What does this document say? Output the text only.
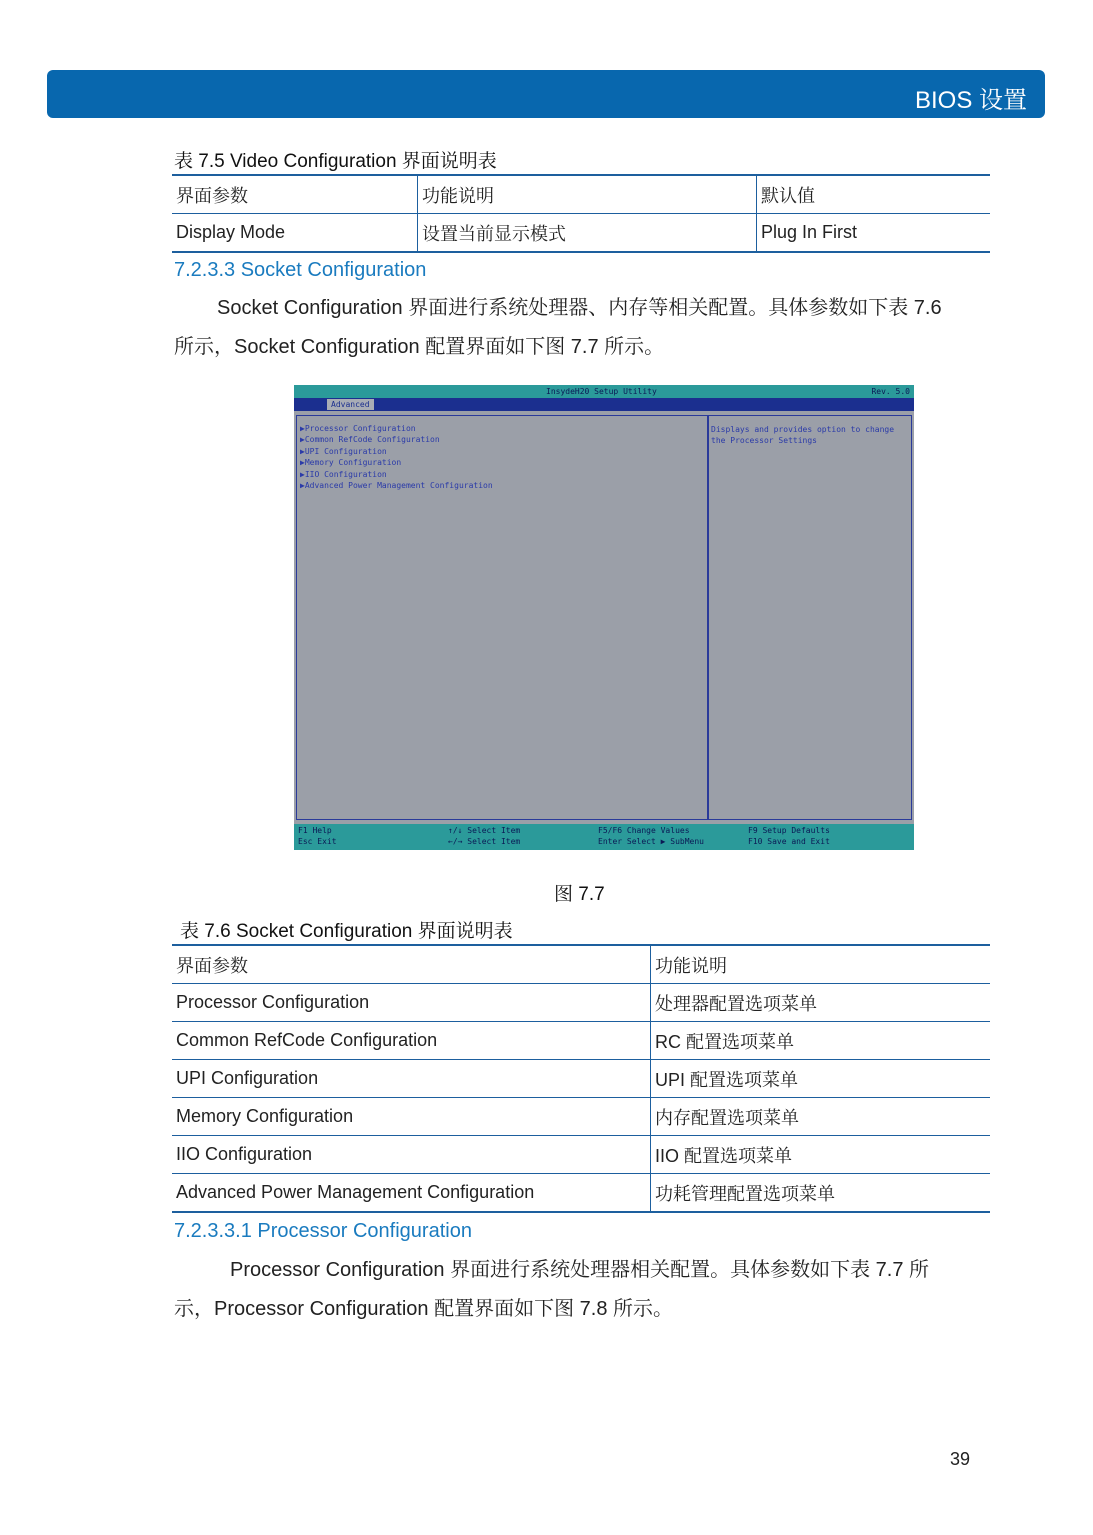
BIOS 设置
表 7.5 Video Configuration 界面说明表
界面参数	功能说明	默认值
Display Mode	设置当前显示模式	Plug In First
7.2.3.3 Socket Configuration
Socket Configuration 界面进行系统处理器、内存等相关配置。具体参数如下表 7.6
所示，Socket Configuration 配置界面如下图 7.7 所示。
InsydeH20 Setup Utility	Rev. 5.0
Advanced
▶Processor Configuration
▶Common RefCode Configuration
▶UPI Configuration
▶Memory Configuration
▶IIO Configuration
▶Advanced Power Management Configuration
Displays and provides option to change the Processor Settings
F1 Help
Esc Exit
↑/↓ Select Item
←/→ Select Item
F5/F6 Change Values
Enter Select ▶ SubMenu
F9 Setup Defaults
F10 Save and Exit
图 7.7
表 7.6 Socket Configuration 界面说明表
界面参数	功能说明
Processor Configuration	处理器配置选项菜单
Common RefCode Configuration	RC 配置选项菜单
UPI Configuration	UPI 配置选项菜单
Memory Configuration	内存配置选项菜单
IIO Configuration	IIO 配置选项菜单
Advanced Power Management Configuration	功耗管理配置选项菜单
7.2.3.3.1 Processor Configuration
Processor Configuration 界面进行系统处理器相关配置。具体参数如下表 7.7 所
示，Processor Configuration 配置界面如下图 7.8 所示。
39
